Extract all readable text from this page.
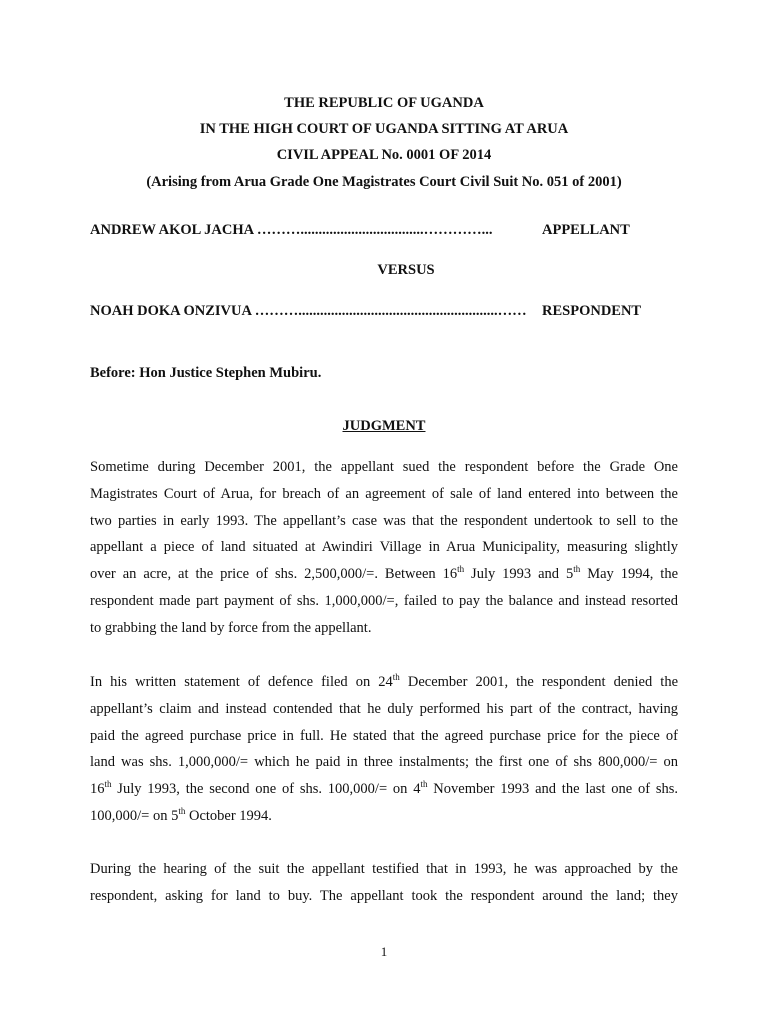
THE REPUBLIC OF UGANDA
IN THE HIGH COURT OF UGANDA SITTING AT ARUA
CIVIL APPEAL No. 0001 OF 2014
(Arising from Arua Grade One Magistrates Court Civil Suit No. 051 of 2001)
ANDREW AKOL JACHA ………..................................…………...	APPELLANT
VERSUS
NOAH DOKA ONZIVUA ……….......................................................…… RESPONDENT
Before: Hon Justice Stephen Mubiru.
JUDGMENT
Sometime during December 2001, the appellant sued the respondent before the Grade One
Magistrates Court of Arua, for breach of an agreement of sale of land entered into between the
two parties in early 1993. The appellant’s case was that the respondent undertook to sell to the
appellant a piece of land situated at Awindiri Village in Arua Municipality, measuring slightly
over an acre, at the price of shs. 2,500,000/=. Between 16th July 1993 and 5th May 1994, the
respondent made part payment of shs. 1,000,000/=, failed to pay the balance and instead resorted
to grabbing the land by force from the appellant.
In his written statement of defence filed on 24th December 2001, the respondent denied the
appellant’s claim and instead contended that he duly performed his part of the contract, having
paid the agreed purchase price in full. He stated that the agreed purchase price for the piece of
land was shs. 1,000,000/= which he paid in three instalments; the first one of shs 800,000/= on
16th July 1993, the second one of shs. 100,000/= on 4th November 1993 and the last one of shs.
100,000/= on 5th October 1994.
During the hearing of the suit the appellant testified that in 1993, he was approached by the
respondent, asking for land to buy. The appellant took the respondent around the land; they
1
